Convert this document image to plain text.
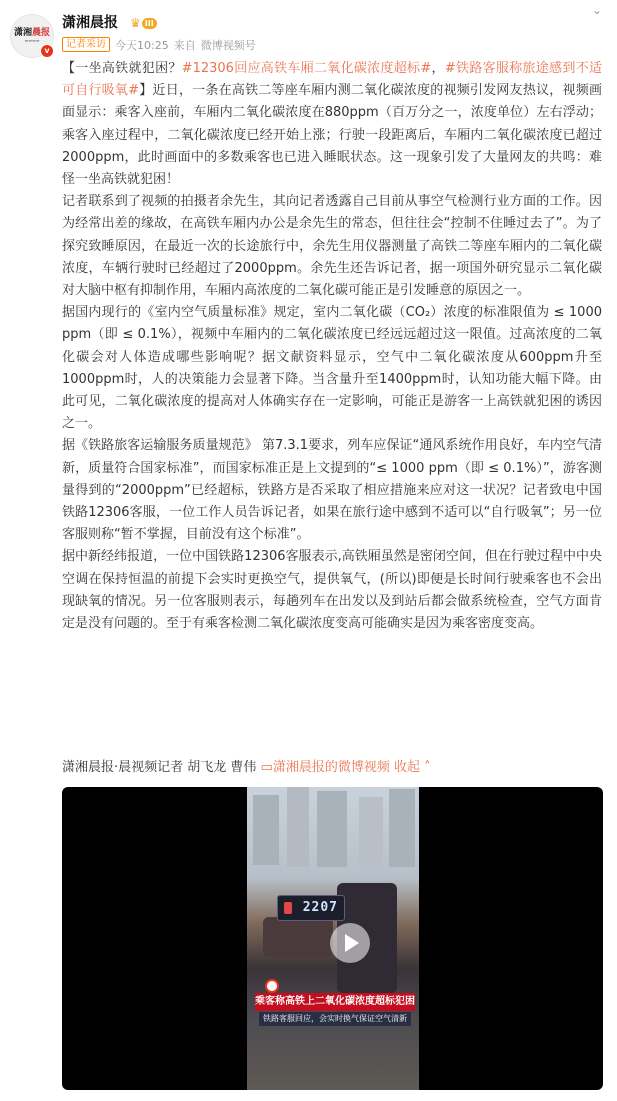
潇湘晨报
▬▬▬▬
v
潇湘晨报 ♛ III
⌄
记者采访 今天10:25 来自 微博视频号

【一坐高铁就犯困？#12306回应高铁车厢二氧化碳浓度超标#，#铁路客服称旅途感到不适可自行吸氧#】近日，一条在高铁二等座车厢内测二氧化碳浓度的视频引发网友热议，视频画面显示：乘客入座前，车厢内二氧化碳浓度在880ppm（百万分之一，浓度单位）左右浮动；乘客入座过程中，二氧化碳浓度已经开始上涨；行驶一段距离后，车厢内二氧化碳浓度已超过2000ppm，此时画面中的多数乘客也已进入睡眠状态。这一现象引发了大量网友的共鸣：难怪一坐高铁就犯困！

记者联系到了视频的拍摄者余先生，其向记者透露自己目前从事空气检测行业方面的工作。因为经常出差的缘故，在高铁车厢内办公是余先生的常态，但往往会“控制不住睡过去了”。为了探究致睡原因，在最近一次的长途旅行中，余先生用仪器测量了高铁二等座车厢内的二氧化碳浓度，车辆行驶时已经超过了2000ppm。余先生还告诉记者，据一项国外研究显示二氧化碳对大脑中枢有抑制作用，车厢内高浓度的二氧化碳可能正是引发睡意的原因之一。

据国内现行的《室内空气质量标准》规定，室内二氧化碳（CO₂）浓度的标准限值为 ≤ 1000 ppm（即 ≤ 0.1%），视频中车厢内的二氧化碳浓度已经远远超过这一限值。过高浓度的二氧化碳会对人体造成哪些影响呢？据文献资料显示，空气中二氧化碳浓度从600ppm升至1000ppm时，人的决策能力会显著下降。当含量升至1400ppm时，认知功能大幅下降。由此可见，二氧化碳浓度的提高对人体确实存在一定影响，可能正是游客一上高铁就犯困的诱因之一。

据《铁路旅客运输服务质量规范》 第7.3.1要求，列车应保证“通风系统作用良好，车内空气清新，质量符合国家标准”，而国家标准正是上文提到的“≤ 1000 ppm（即 ≤ 0.1%）”，游客测量得到的“2000ppm”已经超标，铁路方是否采取了相应措施来应对这一状况？记者致电中国铁路12306客服，一位工作人员告诉记者，如果在旅行途中感到不适可以“自行吸氧”；另一位客服则称“暂不掌握，目前没有这个标准”。

据中新经纬报道，一位中国铁路12306客服表示,高铁厢虽然是密闭空间，但在行驶过程中中央空调在保持恒温的前提下会实时更换空气，提供氧气，(所以)即便是长时间行驶乘客也不会出现缺氧的情况。另一位客服则表示，每趟列车在出发以及到站后都会做系统检查，空气方面肯定是没有问题的。至于有乘客检测二氧化碳浓度变高可能确实是因为乘客密度变高。

潇湘晨报·晨视频记者 胡飞龙 曹伟 ▭潇湘晨报的微博视频 收起 ˄
2207
乘客称高铁上二氧化碳浓度超标犯困
铁路客服回应，会实时换气保证空气清新
